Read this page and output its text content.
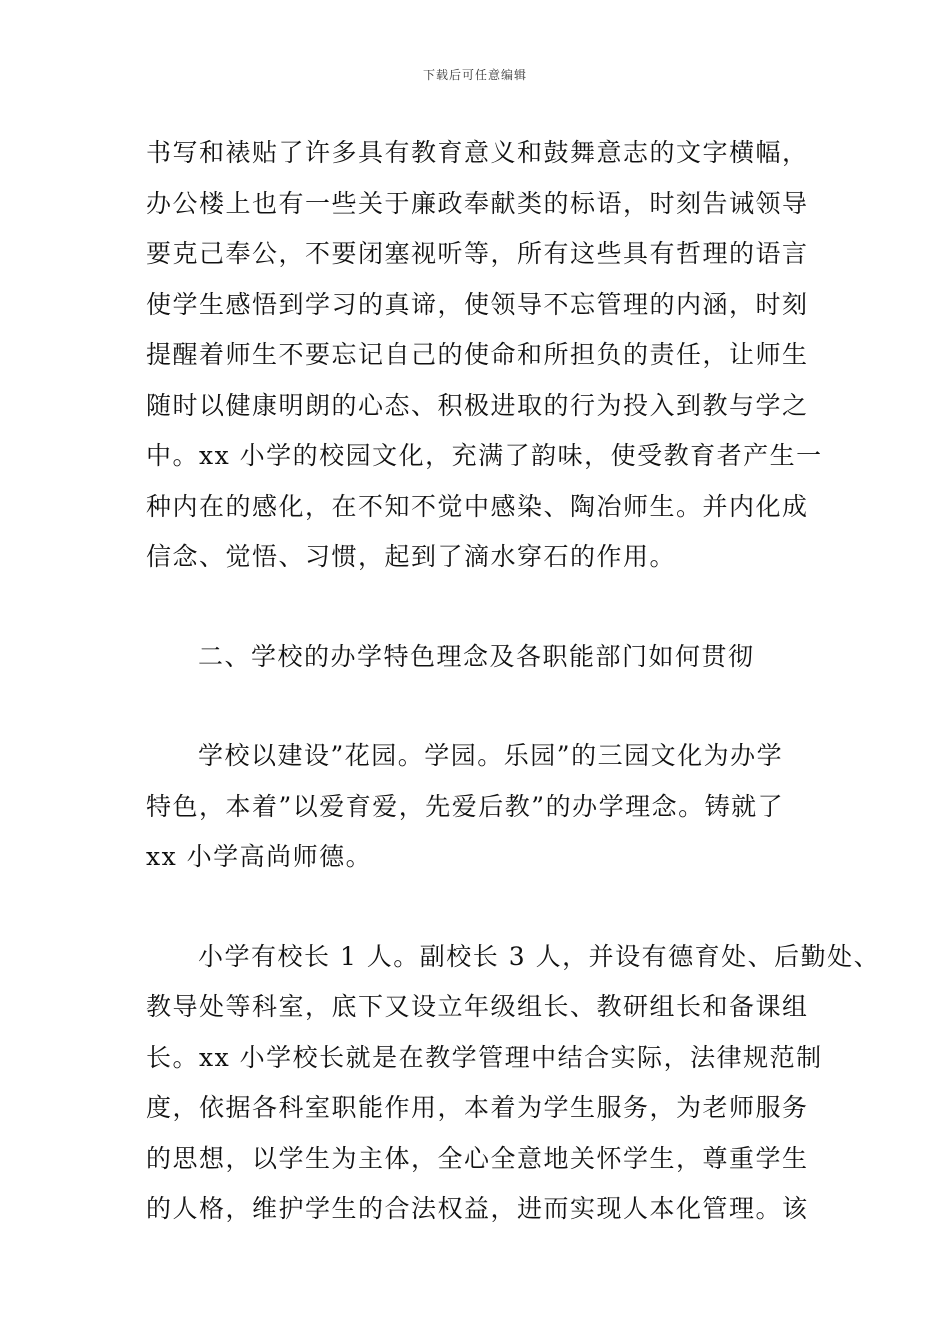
下载后可任意编辑
书写和裱贴了许多具有教育意义和鼓舞意志的文字横幅，
办公楼上也有一些关于廉政奉献类的标语，时刻告诫领导
要克己奉公，不要闭塞视听等，所有这些具有哲理的语言
使学生感悟到学习的真谛，使领导不忘管理的内涵，时刻
提醒着师生不要忘记自己的使命和所担负的责任，让师生
随时以健康明朗的心态、积极进取的行为投入到教与学之
中。xx 小学的校园文化，充满了韵味，使受教育者产生一
种内在的感化，在不知不觉中感染、陶冶师生。并内化成
信念、觉悟、习惯，起到了滴水穿石的作用。
二、学校的办学特色理念及各职能部门如何贯彻
学校以建设”花园。学园。乐园”的三园文化为办学
特色，本着”以爱育爱，先爱后教”的办学理念。铸就了
xx 小学高尚师德。
小学有校长 1 人。副校长 3 人，并设有德育处、后勤处、
教导处等科室，底下又设立年级组长、教研组长和备课组
长。xx 小学校长就是在教学管理中结合实际，法律规范制
度，依据各科室职能作用，本着为学生服务，为老师服务
的思想，以学生为主体，全心全意地关怀学生，尊重学生
的人格，维护学生的合法权益，进而实现人本化管理。该
